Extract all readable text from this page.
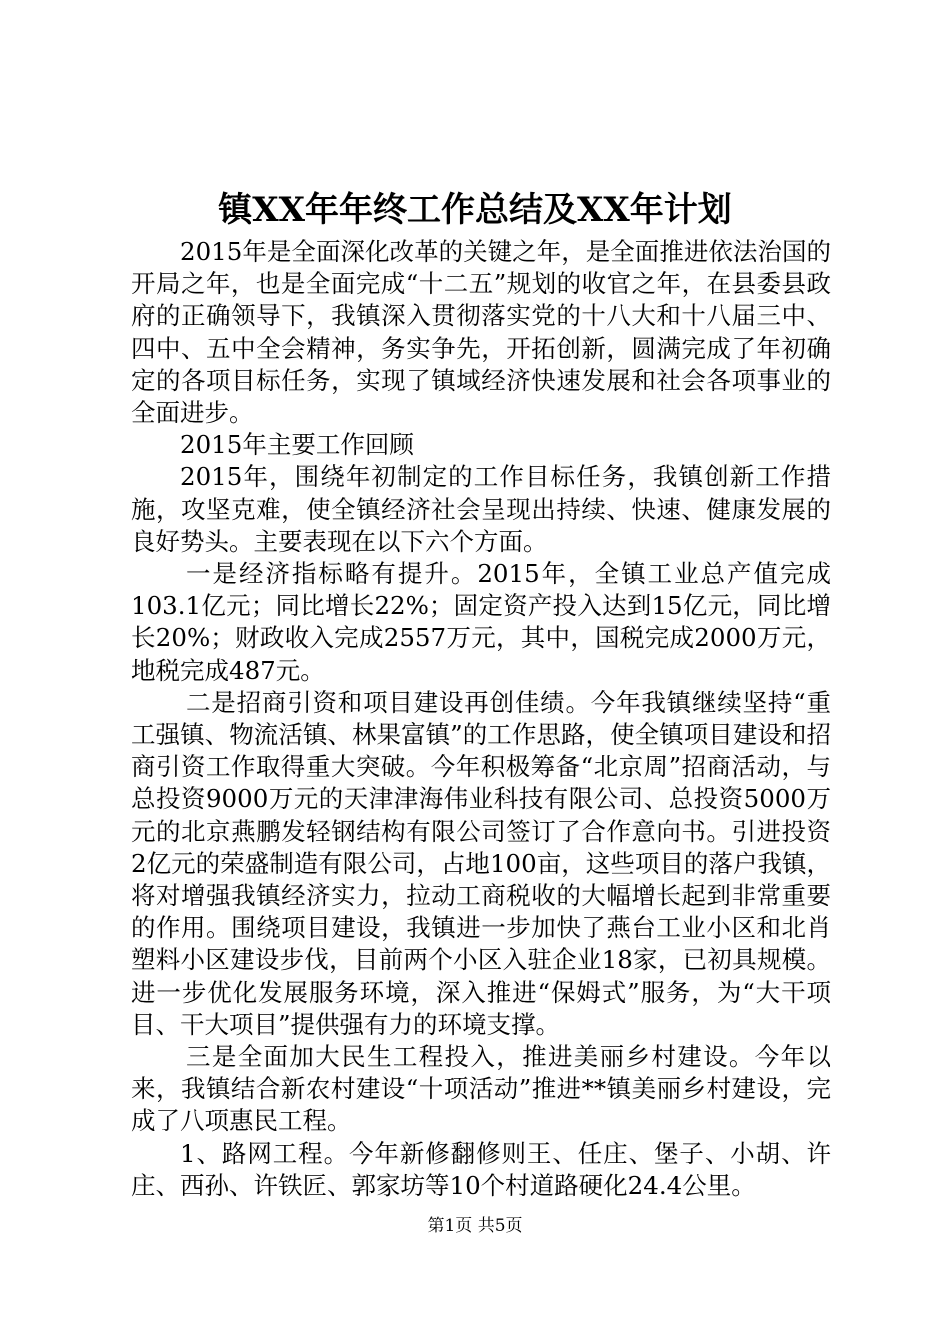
镇XX年年终工作总结及XX年计划

2015年是全面深化改革的关键之年，是全面推进依法治国的开局之年，也是全面完成“十二五”规划的收官之年，在县委县政府的正确领导下，我镇深入贯彻落实党的十八大和十八届三中、四中、五中全会精神，务实争先，开拓创新，圆满完成了年初确定的各项目标任务，实现了镇域经济快速发展和社会各项事业的全面进步。

2015年主要工作回顾

2015年，围绕年初制定的工作目标任务，我镇创新工作措施，攻坚克难，使全镇经济社会呈现出持续、快速、健康发展的良好势头。主要表现在以下六个方面。

一是经济指标略有提升。2015年，全镇工业总产值完成103.1亿元；同比增长22%；固定资产投入达到15亿元，同比增长20%；财政收入完成2557万元，其中，国税完成2000万元，地税完成487元。

二是招商引资和项目建设再创佳绩。今年我镇继续坚持“重工强镇、物流活镇、林果富镇”的工作思路，使全镇项目建设和招商引资工作取得重大突破。今年积极筹备“北京周”招商活动，与总投资9000万元的天津津海伟业科技有限公司、总投资5000万元的北京燕鹏发轻钢结构有限公司签订了合作意向书。引进投资2亿元的荣盛制造有限公司，占地100亩，这些项目的落户我镇，将对增强我镇经济实力，拉动工商税收的大幅增长起到非常重要的作用。围绕项目建设，我镇进一步加快了燕台工业小区和北肖塑料小区建设步伐，目前两个小区入驻企业18家，已初具规模。进一步优化发展服务环境，深入推进“保姆式”服务，为“大干项目、干大项目”提供强有力的环境支撑。

三是全面加大民生工程投入，推进美丽乡村建设。今年以来，我镇结合新农村建设“十项活动”推进**镇美丽乡村建设，完成了八项惠民工程。

1、路网工程。今年新修翻修则王、任庄、堡子、小胡、许庄、西孙、许铁匠、郭家坊等10个村道路硬化24.4公里。

第1页 共5页
